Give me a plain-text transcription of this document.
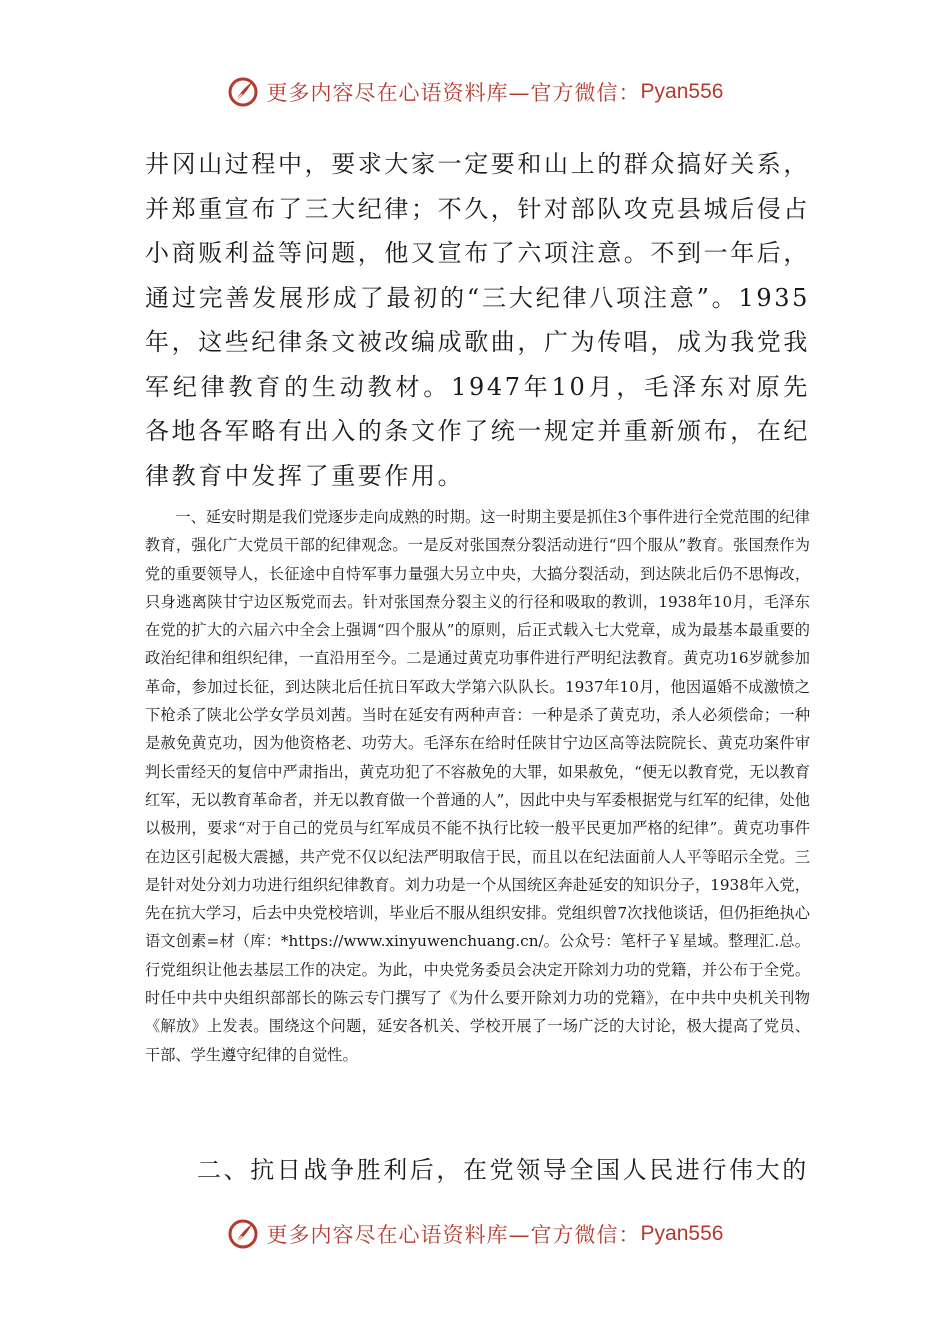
更多内容尽在心语资料库—官方微信： Pyan556

井冈山过程中，要求大家一定要和山上的群众搞好关系，并郑重宣布了三大纪律；不久，针对部队攻克县城后侵占小商贩利益等问题，他又宣布了六项注意。不到一年后，通过完善发展形成了最初的“三大纪律八项注意”。1935年，这些纪律条文被改编成歌曲，广为传唱，成为我党我军纪律教育的生动教材。1947年10月，毛泽东对原先各地各军略有出入的条文作了统一规定并重新颁布，在纪律教育中发挥了重要作用。

一、延安时期是我们党逐步走向成熟的时期。这一时期主要是抓住3个事件进行全党范围的纪律教育，强化广大党员干部的纪律观念。一是反对张国焘分裂活动进行“四个服从”教育。张国焘作为党的重要领导人，长征途中自恃军事力量强大另立中央，大搞分裂活动，到达陕北后仍不思悔改，只身逃离陕甘宁边区叛党而去。针对张国焘分裂主义的行径和吸取的教训，1938年10月，毛泽东在党的扩大的六届六中全会上强调“四个服从”的原则，后正式载入七大党章，成为最基本最重要的政治纪律和组织纪律，一直沿用至今。二是通过黄克功事件进行严明纪法教育。黄克功16岁就参加革命，参加过长征，到达陕北后任抗日军政大学第六队队长。1937年10月，他因逼婚不成激愤之下枪杀了陕北公学女学员刘茜。当时在延安有两种声音：一种是杀了黄克功，杀人必须偿命；一种是赦免黄克功，因为他资格老、功劳大。毛泽东在给时任陕甘宁边区高等法院院长、黄克功案件审判长雷经天的复信中严肃指出，黄克功犯了不容赦免的大罪，如果赦免，“便无以教育党，无以教育红军，无以教育革命者，并无以教育做一个普通的人”，因此中央与军委根据党与红军的纪律，处他以极刑，要求“对于自己的党员与红军成员不能不执行比较一般平民更加严格的纪律”。黄克功事件在边区引起极大震撼，共产党不仅以纪法严明取信于民，而且以在纪法面前人人平等昭示全党。三是针对处分刘力功进行组织纪律教育。刘力功是一个从国统区奔赴延安的知识分子，1938年入党，先在抗大学习，后去中央党校培训，毕业后不服从组织安排。党组织曾7次找他谈话，但仍拒绝执心语文创素=材（库：*https://www.xinyuwenchuang.cn/。公众号：笔杆子￥星域。整理汇.总。行党组织让他去基层工作的决定。为此，中央党务委员会决定开除刘力功的党籍，并公布于全党。时任中共中央组织部部长的陈云专门撰写了《为什么要开除刘力功的党籍》，在中共中央机关刊物《解放》上发表。围绕这个问题，延安各机关、学校开展了一场广泛的大讨论，极大提高了党员、干部、学生遵守纪律的自觉性。

二、抗日战争胜利后，在党领导全国人民进行伟大的

更多内容尽在心语资料库—官方微信： Pyan556
